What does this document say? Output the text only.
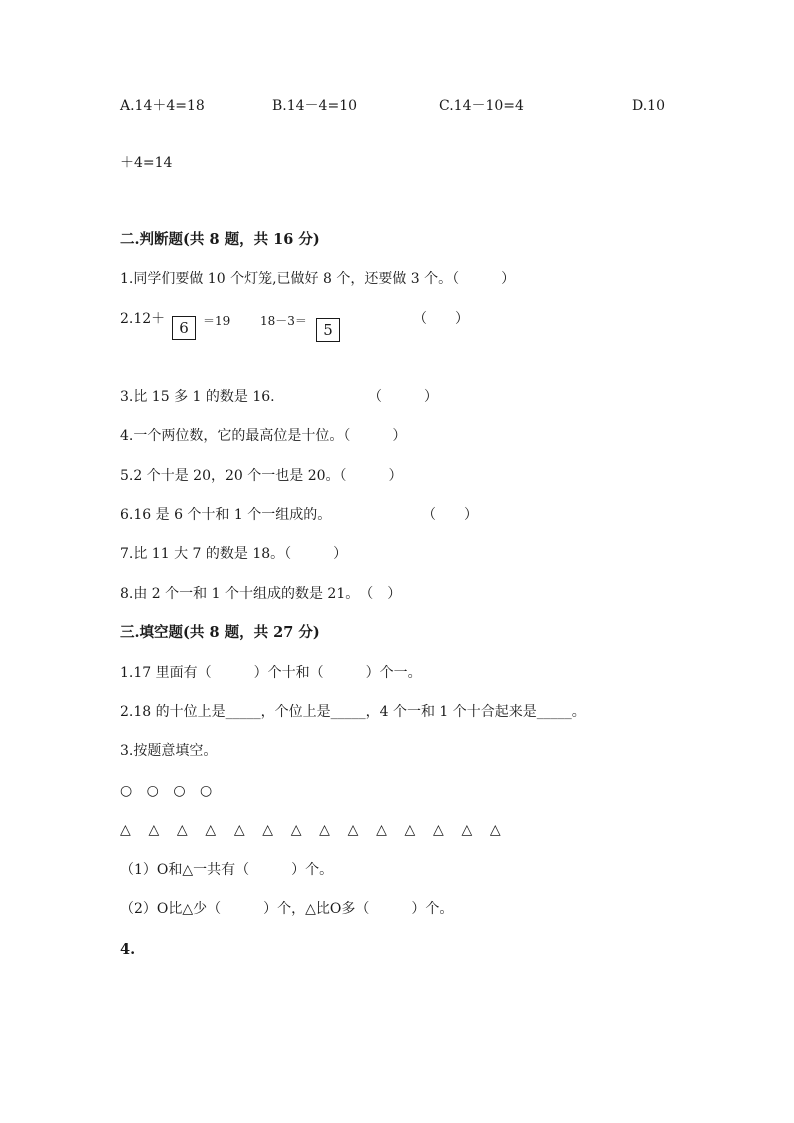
A.14＋4=18	B.14－4=10	C.14－10=4	D.10
＋4=14
二.判断题(共 8 题，共 16 分)
1.同学们要做 10 个灯笼,已做好 8 个，还要做 3 个。（　　　）
2.12＋ 6	＝19 18－3＝	5
（　　）
3.比 15 多 1 的数是 16.	（　　　）
4.一个两位数，它的最高位是十位。（　　　）
5.2 个十是 20，20 个一也是 20。（　　　）
6.16 是 6 个十和 1 个一组成的。	（　　）
7.比 11 大 7 的数是 18。（　　　）
8.由 2 个一和 1 个十组成的数是 21。　（　）
三.填空题(共 8 题，共 27 分)
1.17 里面有（　　　）个十和（　　　）个一。
2.18 的十位上是_____，个位上是_____，4 个一和 1 个十合起来是_____。
3.按题意填空。
○ ○ ○ ○
△ △ △ △ △ △ △ △ △ △ △ △ △ △
（1）O和△一共有（　　　）个。
（2）O比△少（　　　）个，△比O多（　　　）个。
4.
